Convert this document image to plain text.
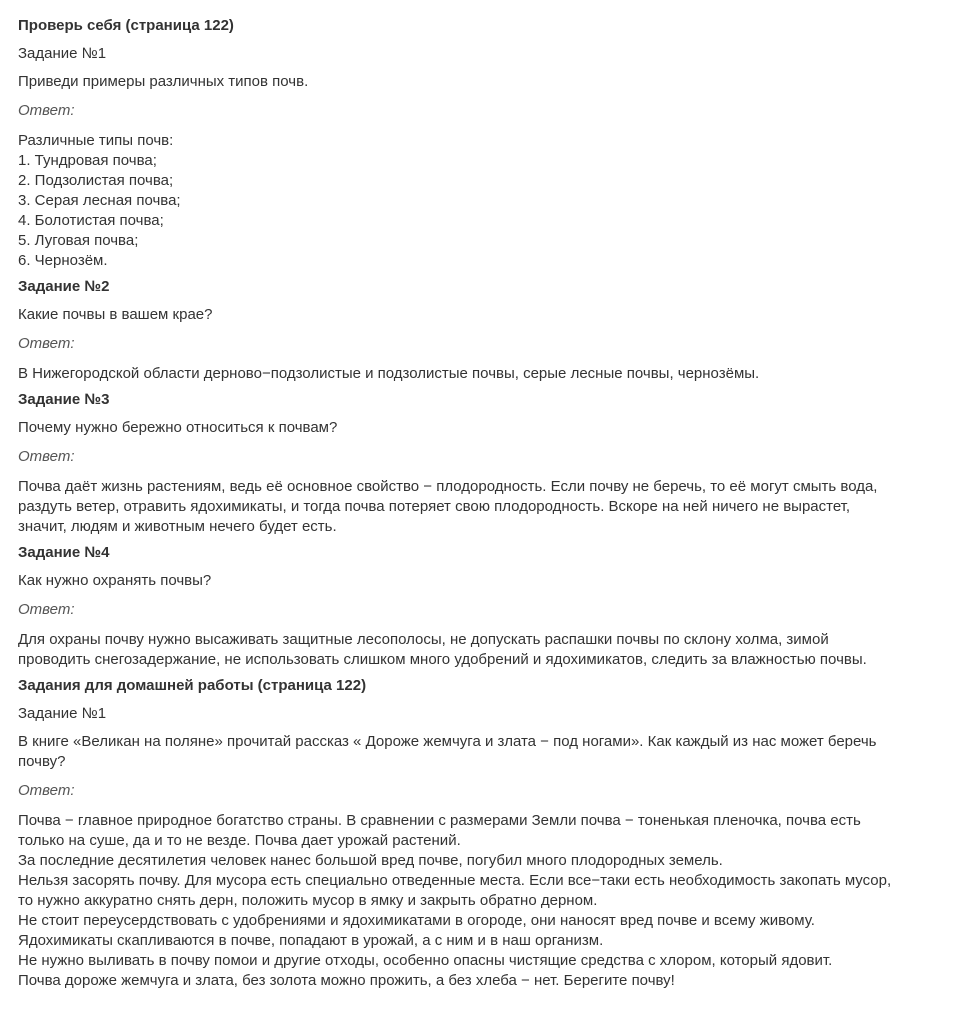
Проверь себя (страница 122)

Задание №1

Приведи примеры различных типов почв.

Ответ:

Различные типы почв:

1. Тундровая почва;

2. Подзолистая почва;

3. Серая лесная почва;

4. Болотистая почва;

5. Луговая почва;

6. Чернозём.

Задание №2

Какие почвы в вашем крае?

Ответ:

В Нижегородской области дерново−подзолистые и подзолистые почвы, серые лесные почвы, чернозёмы.

Задание №3

Почему нужно бережно относиться к почвам?

Ответ:

Почва даёт жизнь растениям, ведь её основное свойство − плодородность. Если почву не беречь, то её могут смыть вода,

раздуть ветер, отравить ядохимикаты, и тогда почва потеряет свою плодородность. Вскоре на ней ничего не вырастет,

значит, людям и животным нечего будет есть.

Задание №4

Как нужно охранять почвы?

Ответ:

Для охраны почву нужно высаживать защитные лесополосы, не допускать распашки почвы по склону холма, зимой

проводить снегозадержание, не использовать слишком много удобрений и ядохимикатов, следить за влажностью почвы.

Задания для домашней работы (страница 122)

Задание №1

В книге «Великан на поляне» прочитай рассказ « Дороже жемчуга и злата − под ногами». Как каждый из нас может беречь

почву?

Ответ:

Почва − главное природное богатство страны. В сравнении с размерами Земли почва − тоненькая пленочка, почва есть

только на суше, да и то не везде. Почва дает урожай растений.

За последние десятилетия человек нанес большой вред почве, погубил много плодородных земель.

Нельзя засорять почву. Для мусора есть специально отведенные места. Если все−таки есть необходимость закопать мусор,

то нужно аккуратно снять дерн, положить мусор в ямку и закрыть обратно дерном.

Не стоит переусердствовать с удобрениями и ядохимикатами в огороде, они наносят вред почве и всему живому.

Ядохимикаты скапливаются в почве, попадают в урожай, а с ним и в наш организм.

Не нужно выливать в почву помои и другие отходы, особенно опасны чистящие средства с хлором, который ядовит.

Почва дороже жемчуга и злата, без золота можно прожить, а без хлеба − нет. Берегите почву!
